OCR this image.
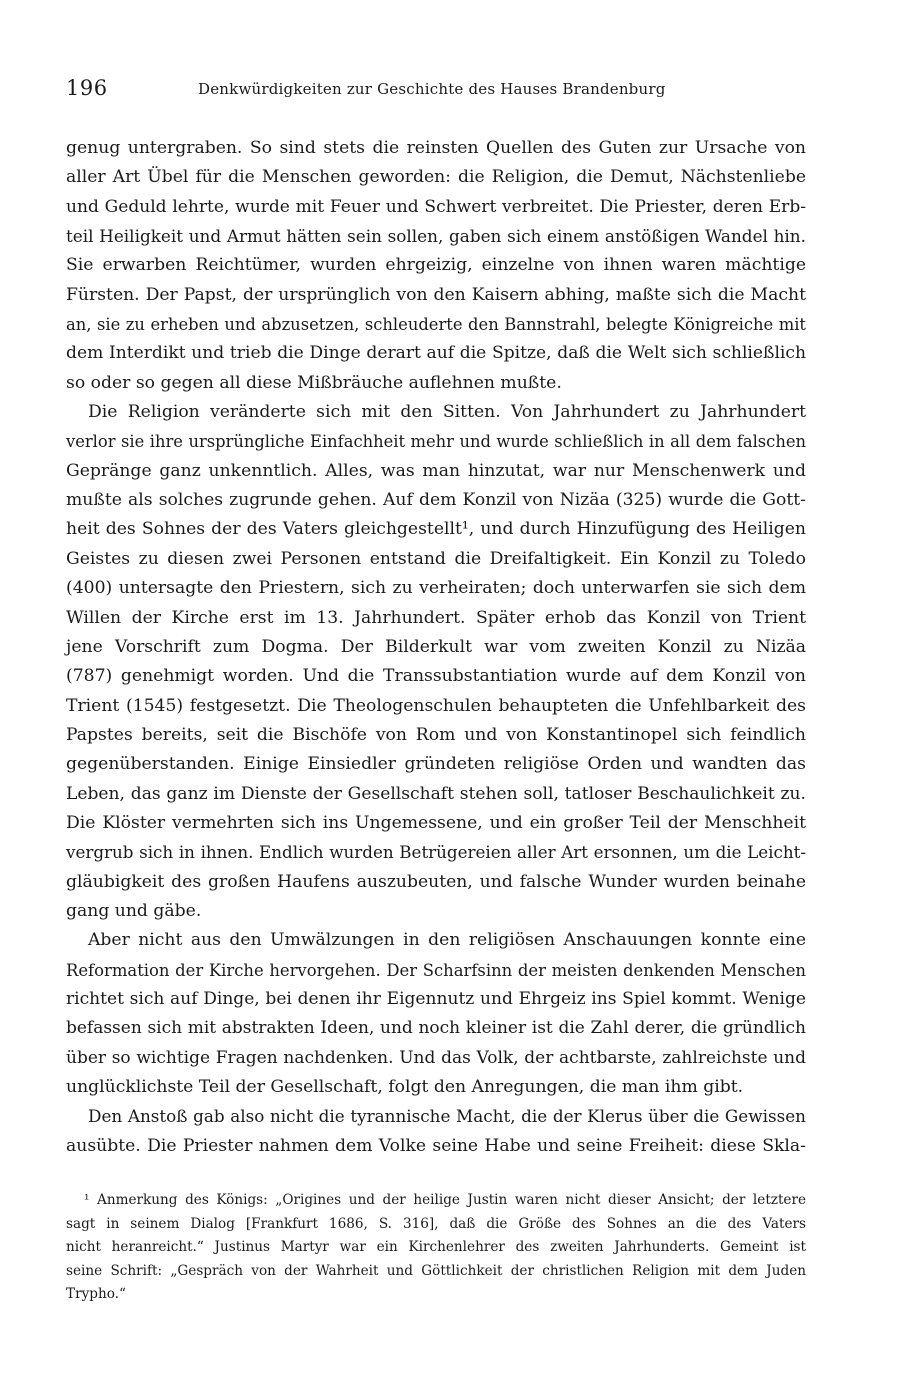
196	Denkwürdigkeiten zur Geschichte des Hauses Brandenburg
genug untergraben. So sind stets die reinsten Quellen des Guten zur Ursache von
aller Art Übel für die Menschen geworden: die Religion, die Demut, Nächstenliebe
und Geduld lehrte, wurde mit Feuer und Schwert verbreitet. Die Priester, deren Erb-
teil Heiligkeit und Armut hätten sein sollen, gaben sich einem anstößigen Wandel hin.
Sie erwarben Reichtümer, wurden ehrgeizig, einzelne von ihnen waren mächtige
Fürsten. Der Papst, der ursprünglich von den Kaisern abhing, maßte sich die Macht
an, sie zu erheben und abzusetzen, schleuderte den Bannstrahl, belegte Königreiche mit
dem Interdikt und trieb die Dinge derart auf die Spitze, daß die Welt sich schließlich
so oder so gegen all diese Mißbräuche auflehnen mußte.
Die Religion veränderte sich mit den Sitten. Von Jahrhundert zu Jahrhundert
verlor sie ihre ursprüngliche Einfachheit mehr und wurde schließlich in all dem falschen
Gepränge ganz unkenntlich. Alles, was man hinzutat, war nur Menschenwerk und
mußte als solches zugrunde gehen. Auf dem Konzil von Nizäa (325) wurde die Gott-
heit des Sohnes der des Vaters gleichgestellt¹, und durch Hinzufügung des Heiligen
Geistes zu diesen zwei Personen entstand die Dreifaltigkeit. Ein Konzil zu Toledo
(400) untersagte den Priestern, sich zu verheiraten; doch unterwarfen sie sich dem
Willen der Kirche erst im 13. Jahrhundert. Später erhob das Konzil von Trient
jene Vorschrift zum Dogma. Der Bilderkult war vom zweiten Konzil zu Nizäa
(787) genehmigt worden. Und die Transsubstantiation wurde auf dem Konzil von
Trient (1545) festgesetzt. Die Theologenschulen behaupteten die Unfehlbarkeit des
Papstes bereits, seit die Bischöfe von Rom und von Konstantinopel sich feindlich
gegenüberstanden. Einige Einsiedler gründeten religiöse Orden und wandten das
Leben, das ganz im Dienste der Gesellschaft stehen soll, tatloser Beschaulichkeit zu.
Die Klöster vermehrten sich ins Ungemessene, und ein großer Teil der Menschheit
vergrub sich in ihnen. Endlich wurden Betrügereien aller Art ersonnen, um die Leicht-
gläubigkeit des großen Haufens auszubeuten, und falsche Wunder wurden beinahe
gang und gäbe.
Aber nicht aus den Umwälzungen in den religiösen Anschauungen konnte eine
Reformation der Kirche hervorgehen. Der Scharfsinn der meisten denkenden Menschen
richtet sich auf Dinge, bei denen ihr Eigennutz und Ehrgeiz ins Spiel kommt. Wenige
befassen sich mit abstrakten Ideen, und noch kleiner ist die Zahl derer, die gründlich
über so wichtige Fragen nachdenken. Und das Volk, der achtbarste, zahlreichste und
unglücklichste Teil der Gesellschaft, folgt den Anregungen, die man ihm gibt.
Den Anstoß gab also nicht die tyrannische Macht, die der Klerus über die Gewissen
ausübte. Die Priester nahmen dem Volke seine Habe und seine Freiheit: diese Skla-
¹ Anmerkung des Königs: „Origines und der heilige Justin waren nicht dieser Ansicht; der letztere
sagt in seinem Dialog [Frankfurt 1686, S. 316], daß die Größe des Sohnes an die des Vaters
nicht heranreicht.“ Justinus Martyr war ein Kirchenlehrer des zweiten Jahrhunderts. Gemeint ist
seine Schrift: „Gespräch von der Wahrheit und Göttlichkeit der christlichen Religion mit dem Juden
Trypho.“
